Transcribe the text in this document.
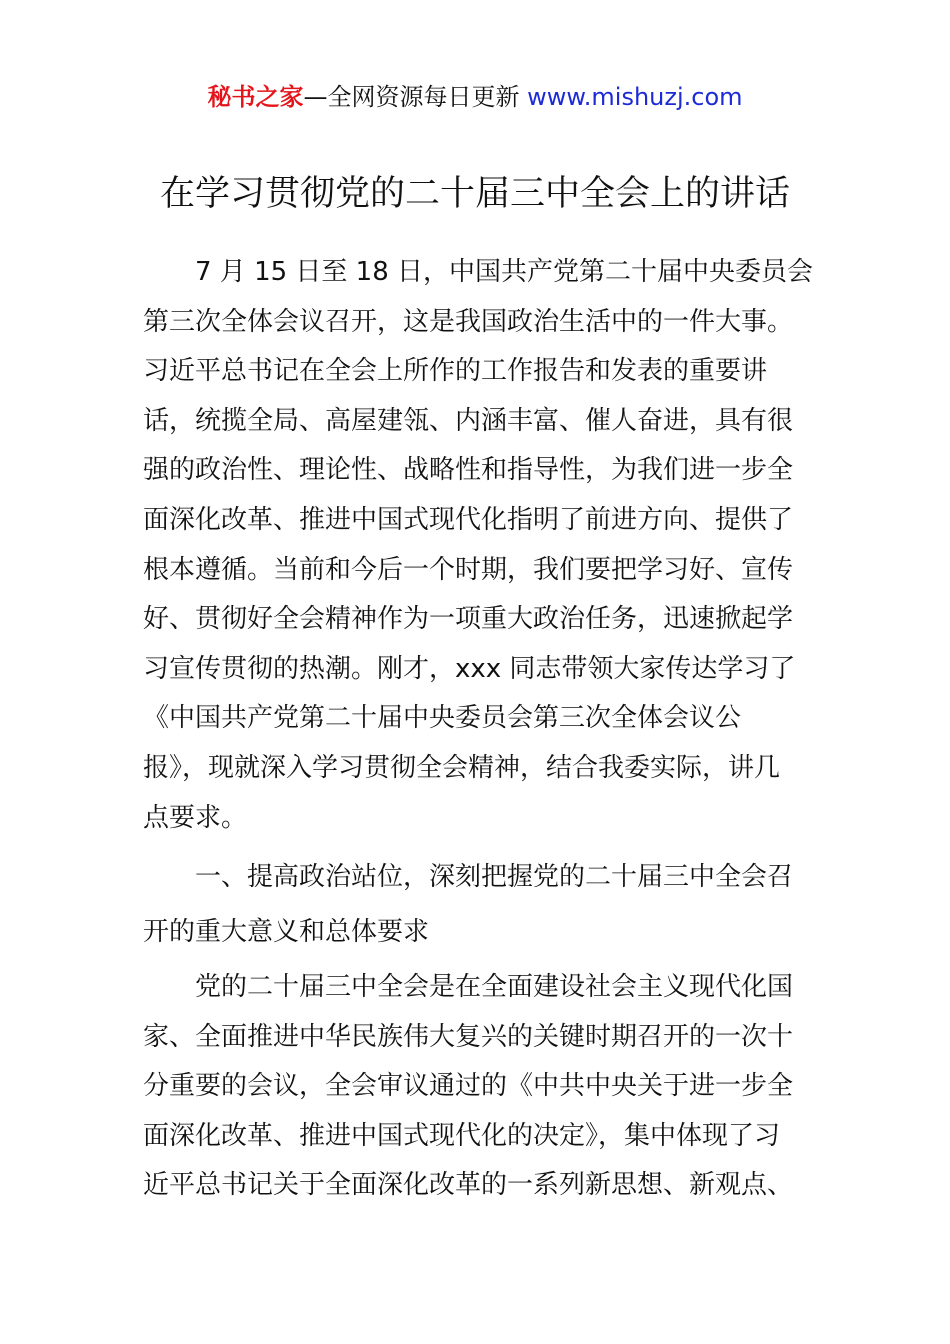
秘书之家—全网资源每日更新 www.mishuzj.com
在学习贯彻党的二十届三中全会上的讲话

7 月 15 日至 18 日，中国共产党第二十届中央委员会
第三次全体会议召开，这是我国政治生活中的一件大事。
习近平总书记在全会上所作的工作报告和发表的重要讲
话，统揽全局、高屋建瓴、内涵丰富、催人奋进，具有很
强的政治性、理论性、战略性和指导性，为我们进一步全
面深化改革、推进中国式现代化指明了前进方向、提供了
根本遵循。当前和今后一个时期，我们要把学习好、宣传
好、贯彻好全会精神作为一项重大政治任务，迅速掀起学
习宣传贯彻的热潮。刚才，xxx 同志带领大家传达学习了
《中国共产党第二十届中央委员会第三次全体会议公
报》，现就深入学习贯彻全会精神，结合我委实际，讲几
点要求。

一、提高政治站位，深刻把握党的二十届三中全会召
开的重大意义和总体要求

党的二十届三中全会是在全面建设社会主义现代化国
家、全面推进中华民族伟大复兴的关键时期召开的一次十
分重要的会议，全会审议通过的《中共中央关于进一步全
面深化改革、推进中国式现代化的决定》，集中体现了习
近平总书记关于全面深化改革的一系列新思想、新观点、
